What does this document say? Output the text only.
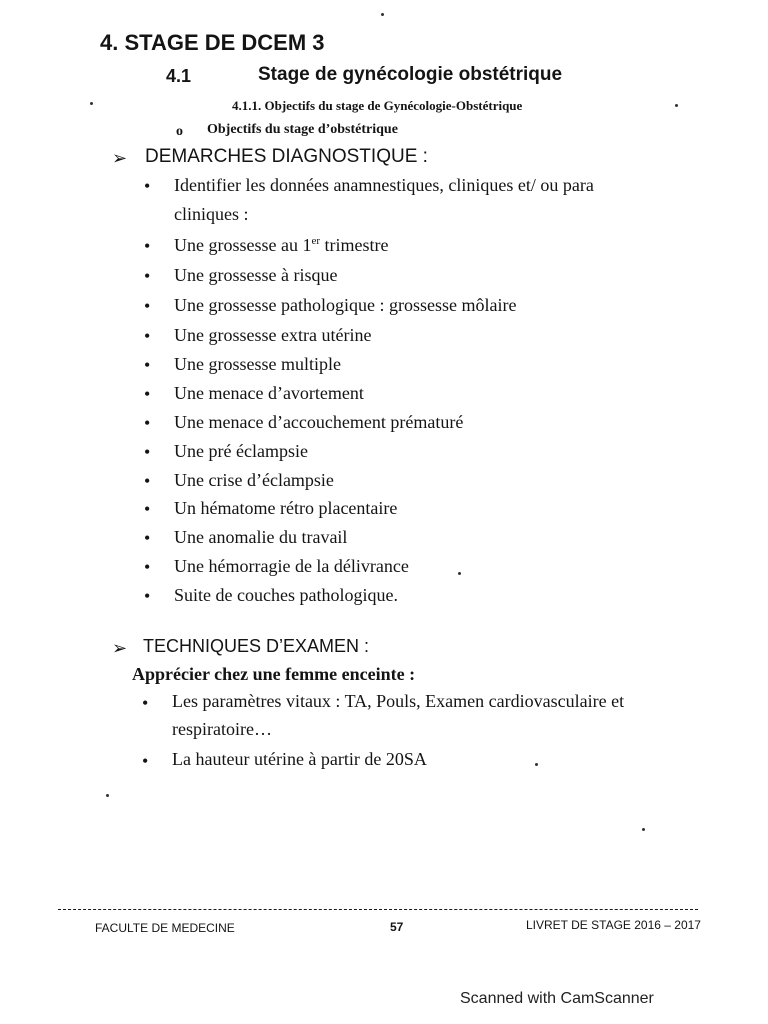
4. STAGE DE DCEM 3
4.1	Stage de gynécologie obstétrique
4.1.1. Objectifs du stage de Gynécologie-Obstétrique
o Objectifs du stage d’obstétrique
➢ DEMARCHES DIAGNOSTIQUE :
• Identifier les données anamnestiques, cliniques et/ ou para
cliniques :
• Une grossesse au 1er trimestre
• Une grossesse à risque
• Une grossesse pathologique : grossesse môlaire
• Une grossesse extra utérine
• Une grossesse multiple
• Une menace d’avortement
• Une menace d’accouchement prématuré
• Une pré éclampsie
• Une crise d’éclampsie
• Un hématome rétro placentaire
• Une anomalie du travail
• Une hémorragie de la délivrance
• Suite de couches pathologique.
➢ TECHNIQUES D’EXAMEN :
Apprécier chez une femme enceinte :
• Les paramètres vitaux : TA, Pouls, Examen cardiovasculaire et
respiratoire…
• La hauteur utérine à partir de 20SA
FACULTE DE MEDECINE	57	LIVRET DE STAGE 2016 – 2017
Scanned with CamScanner
